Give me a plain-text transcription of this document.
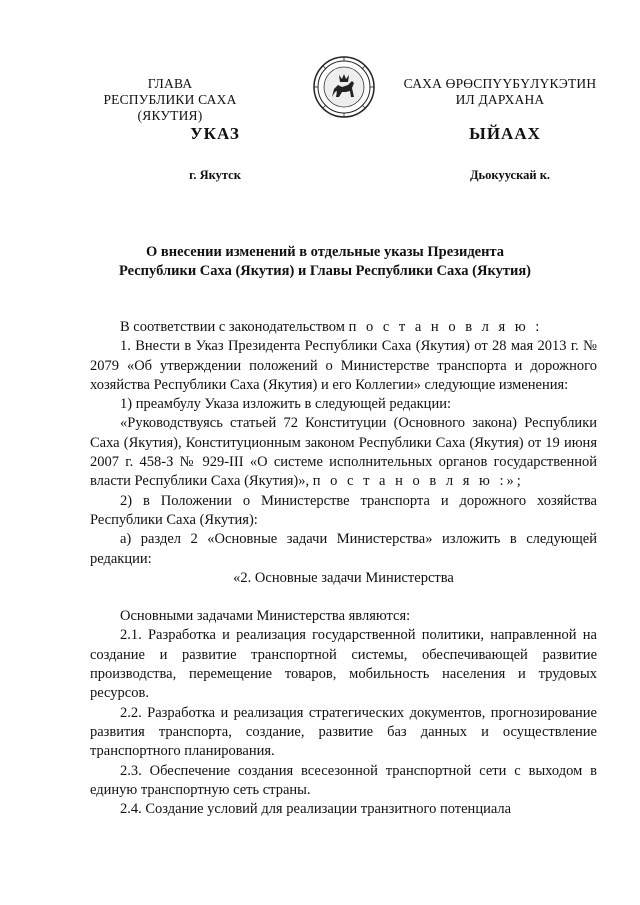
ГЛАВА
РЕСПУБЛИКИ САХА (ЯКУТИЯ)
САХА ӨРӨСПҮҮБҮЛҮКЭТИН
ИЛ ДАРХАНА
УКАЗ	ЫЙААХ
г. Якутск	Дьокуускай к.
О внесении изменений в отдельные указы Президента
Республики Саха (Якутия) и Главы Республики Саха (Якутия)

В соответствии с законодательством п о с т а н о в л я ю :

1. Внести в Указ Президента Республики Саха (Якутия) от 28 мая 2013 г. № 2079 «Об утверждении положений о Министерстве транспорта и дорожного хозяйства Республики Саха (Якутия) и его Коллегии» следующие изменения:

1) преамбулу Указа изложить в следующей редакции:

«Руководствуясь статьей 72 Конституции (Основного закона) Республики Саха (Якутия), Конституционным законом Республики Саха (Якутия) от 19 июня 2007 г. 458-З № 929-III «О системе исполнительных органов государственной власти Республики Саха (Якутия)», п о с т а н о в л я ю :»;

2) в Положении о Министерстве транспорта и дорожного хозяйства Республики Саха (Якутия):

а) раздел 2 «Основные задачи Министерства» изложить в следующей редакции:

«2. Основные задачи Министерства

Основными задачами Министерства являются:

2.1. Разработка и реализация государственной политики, направленной на создание и развитие транспортной системы, обеспечивающей развитие производства, перемещение товаров, мобильность населения и трудовых ресурсов.

2.2. Разработка и реализация стратегических документов, прогнозирование развития транспорта, создание, развитие баз данных и осуществление транспортного планирования.

2.3. Обеспечение создания всесезонной транспортной сети с выходом в единую транспортную сеть страны.

2.4. Создание условий для реализации транзитного потенциала
